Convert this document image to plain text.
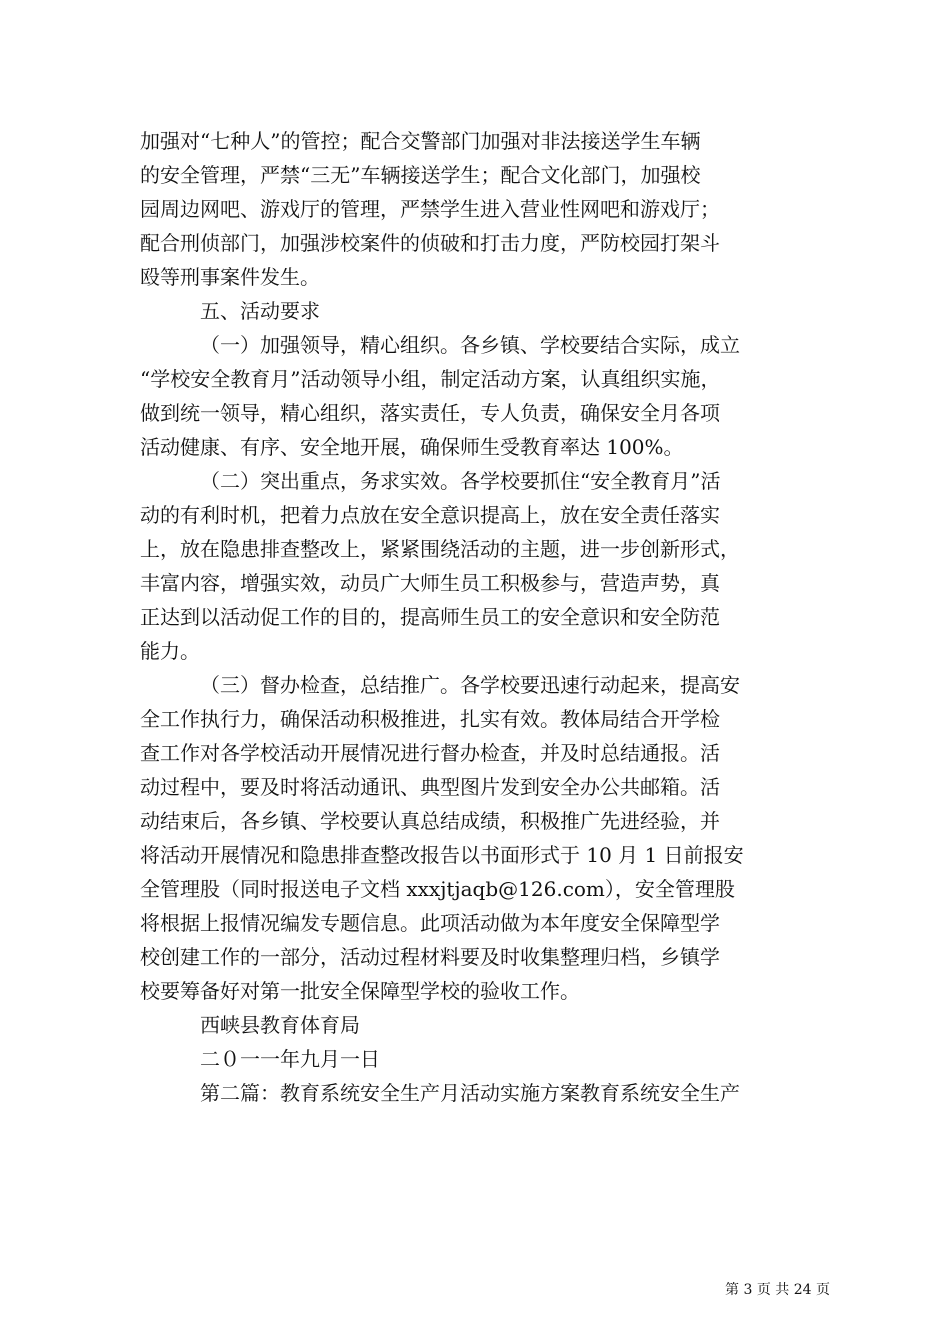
加强对“七种人”的管控；配合交警部门加强对非法接送学生车辆

的安全管理，严禁“三无”车辆接送学生；配合文化部门，加强校

园周边网吧、游戏厅的管理，严禁学生进入营业性网吧和游戏厅；

配合刑侦部门，加强涉校案件的侦破和打击力度，严防校园打架斗

殴等刑事案件发生。

五、活动要求

（一）加强领导，精心组织。各乡镇、学校要结合实际，成立

“学校安全教育月”活动领导小组，制定活动方案，认真组织实施，

做到统一领导，精心组织，落实责任，专人负责，确保安全月各项

活动健康、有序、安全地开展，确保师生受教育率达 100%。

（二）突出重点，务求实效。各学校要抓住“安全教育月”活

动的有利时机，把着力点放在安全意识提高上，放在安全责任落实

上，放在隐患排查整改上，紧紧围绕活动的主题，进一步创新形式，

丰富内容，增强实效，动员广大师生员工积极参与，营造声势，真

正达到以活动促工作的目的，提高师生员工的安全意识和安全防范

能力。

（三）督办检查，总结推广。各学校要迅速行动起来，提高安

全工作执行力，确保活动积极推进，扎实有效。教体局结合开学检

查工作对各学校活动开展情况进行督办检查，并及时总结通报。活

动过程中，要及时将活动通讯、典型图片发到安全办公共邮箱。活

动结束后，各乡镇、学校要认真总结成绩，积极推广先进经验，并

将活动开展情况和隐患排查整改报告以书面形式于 10 月 1 日前报安

全管理股（同时报送电子文档 xxxjtjaqb@126.com），安全管理股

将根据上报情况编发专题信息。此项活动做为本年度安全保障型学

校创建工作的一部分，活动过程材料要及时收集整理归档，乡镇学

校要筹备好对第一批安全保障型学校的验收工作。

西峡县教育体育局

二０一一年九月一日

第二篇：教育系统安全生产月活动实施方案教育系统安全生产

第 3 页 共 24 页
